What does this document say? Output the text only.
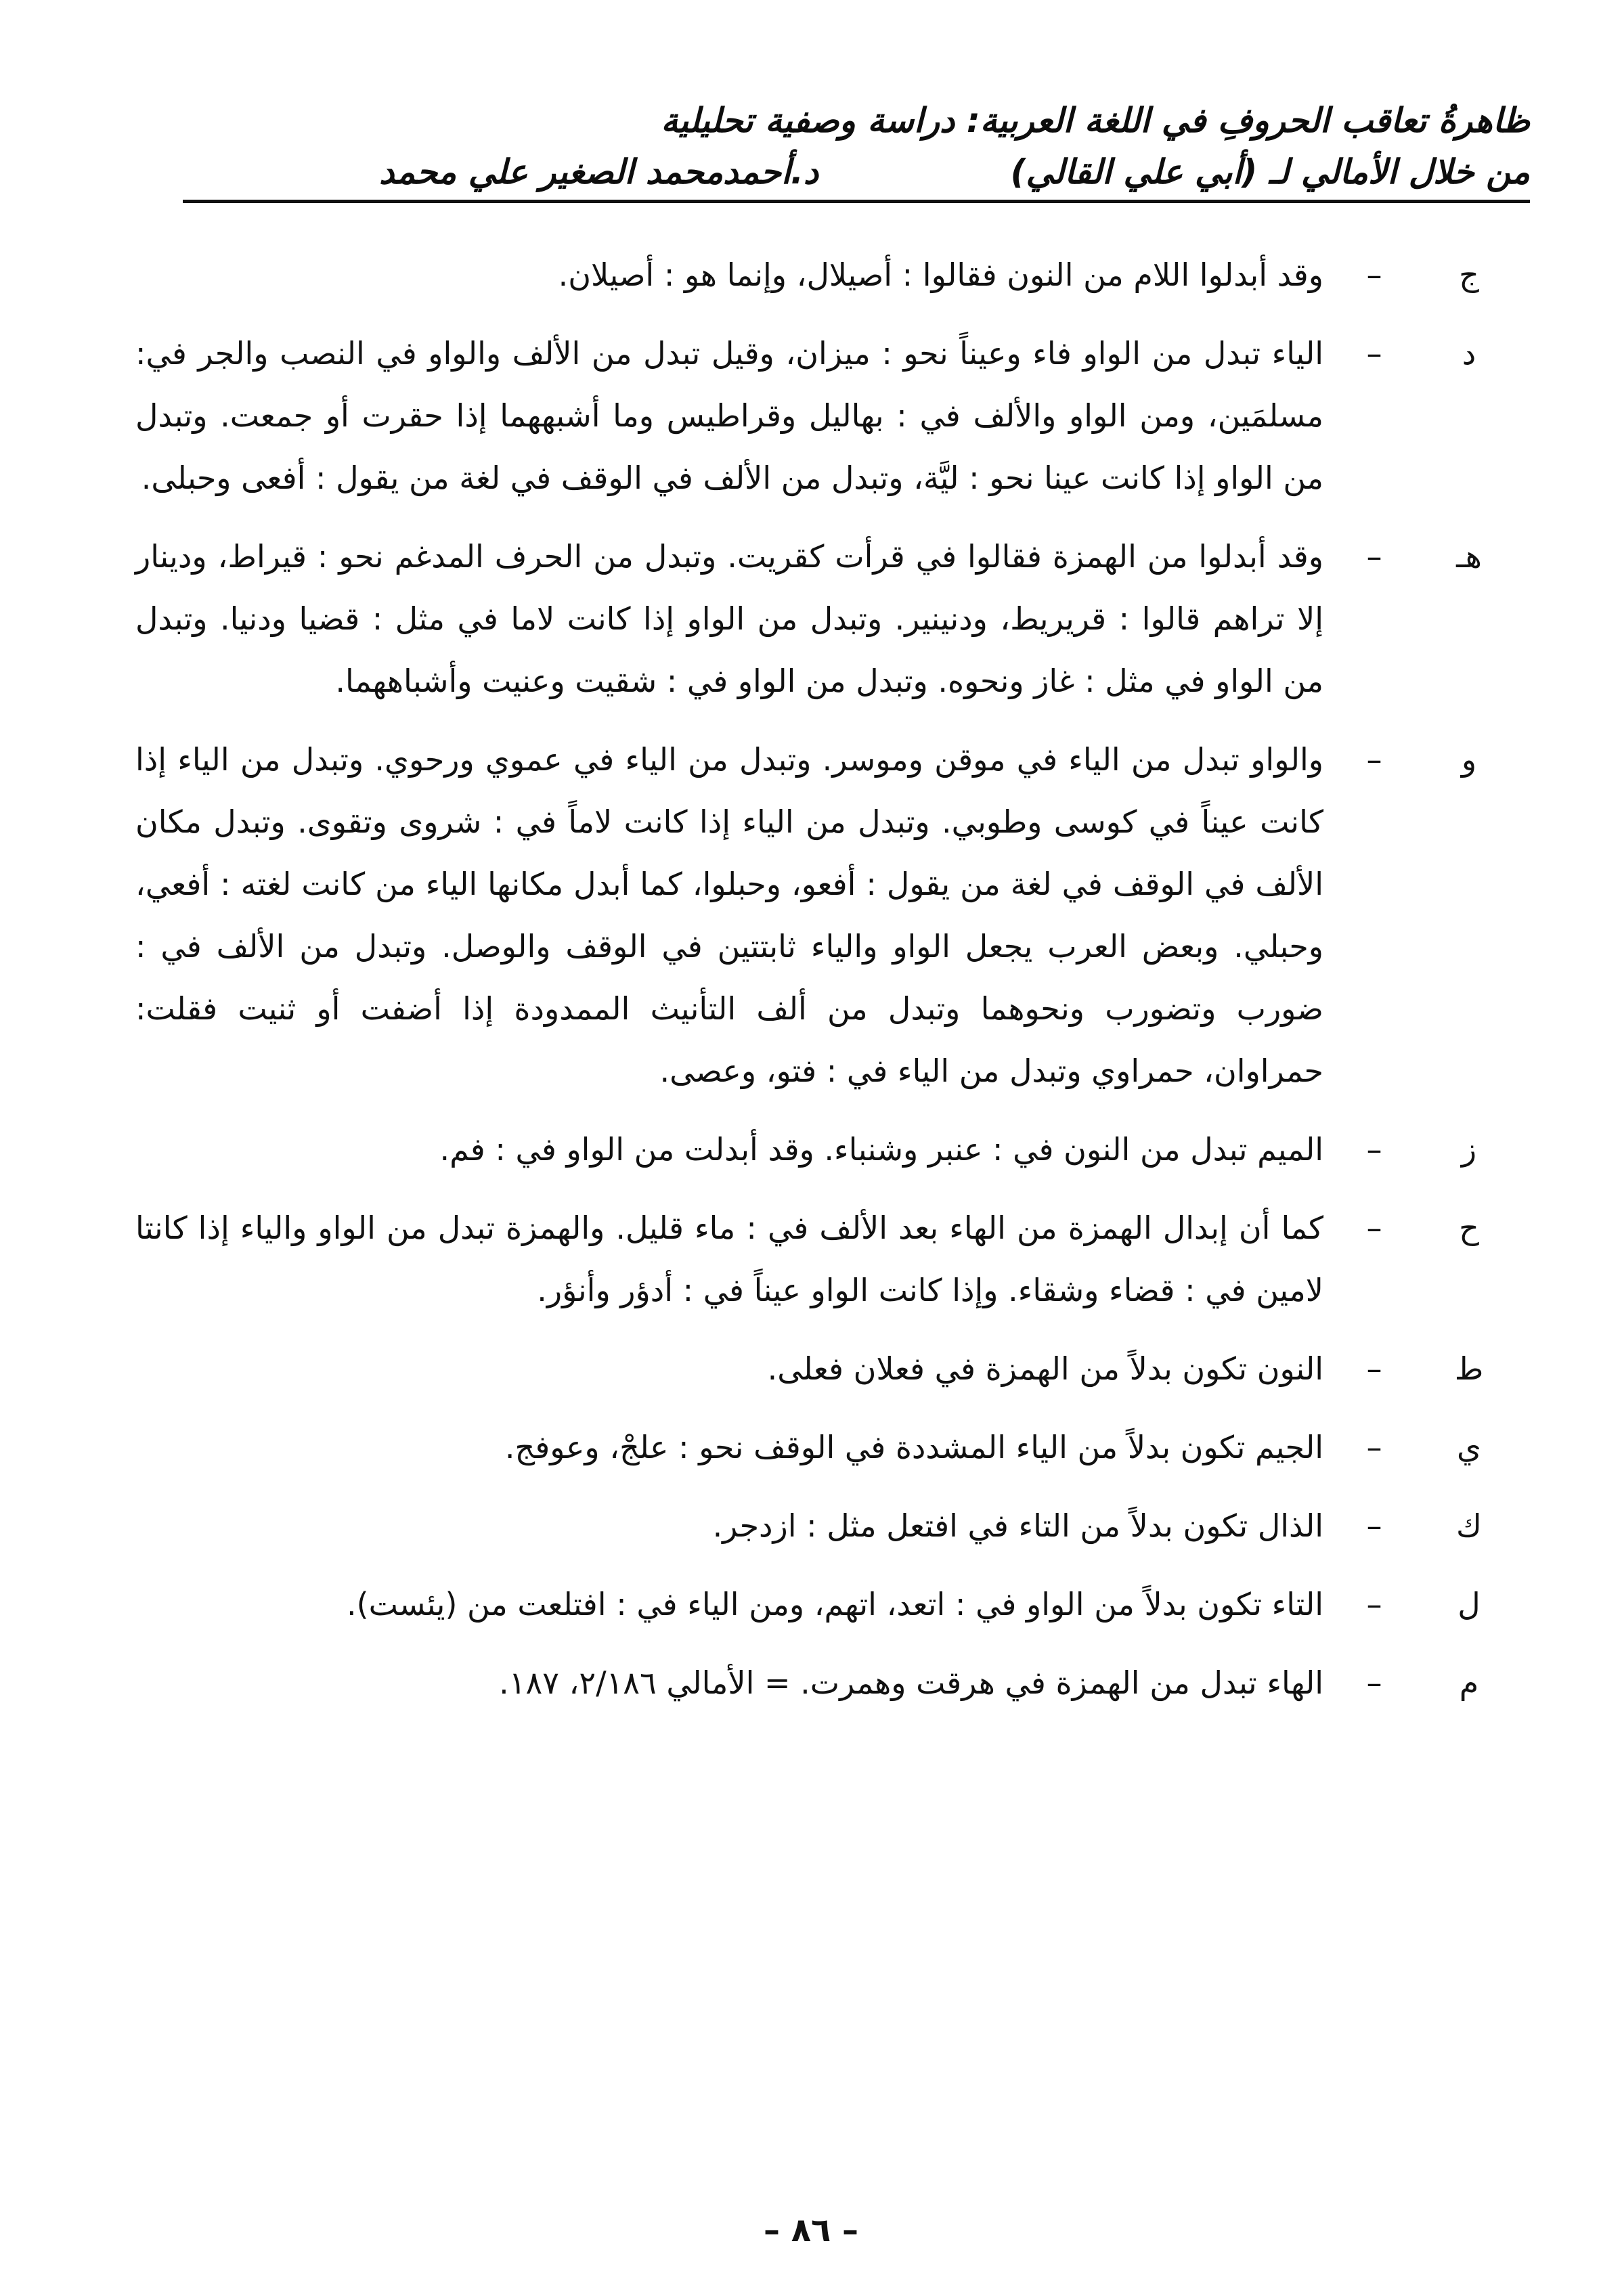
ظاهرةُ تعاقب الحروفِ في اللغة العربية: دراسة وصفية تحليلية
من خلال الأمالي لـ (أبي علي القالي)
د.أحمدمحمد الصغير علي محمد
ج
–
وقد أبدلوا اللام من النون فقالوا : أصيلال، وإنما هو : أصيلان.
د
–
الياء تبدل من الواو فاء وعيناً نحو : ميزان، وقيل تبدل من الألف والواو في النصب والجر في: مسلمَين، ومن الواو والألف في : بهاليل وقراطيس وما أشبههما إذا حقرت أو جمعت. وتبدل من الواو إذا كانت عينا نحو : ليَّة، وتبدل من الألف في الوقف في لغة من يقول : أفعى وحبلى.
هـ
–
وقد أبدلوا من الهمزة فقالوا في قرأت كقريت. وتبدل من الحرف المدغم نحو : قيراط، ودينار إلا تراهم قالوا : قريريط، ودنينير. وتبدل من الواو إذا كانت لاما في مثل : قضيا ودنيا. وتبدل من الواو في مثل : غاز ونحوه. وتبدل من الواو في : شقيت وعنيت وأشباههما.
و
–
والواو تبدل من الياء في موقن وموسر. وتبدل من الياء في عموي ورحوي. وتبدل من الياء إذا كانت عيناً في كوسى وطوبي. وتبدل من الياء إذا كانت لاماً في : شروى وتقوى. وتبدل مكان الألف في الوقف في لغة من يقول : أفعو، وحبلوا، كما أبدل مكانها الياء من كانت لغته : أفعي، وحبلي. وبعض العرب يجعل الواو والياء ثابتتين في الوقف والوصل. وتبدل من الألف في : ضورب وتضورب ونحوهما وتبدل من ألف التأنيث الممدودة إذا أضفت أو ثنيت فقلت: حمراوان، حمراوي وتبدل من الياء في : فتو، وعصى.
ز
–
الميم تبدل من النون في : عنبر وشنباء. وقد أبدلت من الواو في : فم.
ح
–
كما أن إبدال الهمزة من الهاء بعد الألف في : ماء قليل. والهمزة تبدل من الواو والياء إذا كانتا لامين في : قضاء وشقاء. وإذا كانت الواو عيناً في : أدؤر وأنؤر.
ط
–
النون تكون بدلاً من الهمزة في فعلان فعلى.
ي
–
الجيم تكون بدلاً من الياء المشددة في الوقف نحو : علجْ، وعوفج.
ك
–
الذال تكون بدلاً من التاء في افتعل مثل : ازدجر.
ل
–
التاء تكون بدلاً من الواو في : اتعد، اتهم، ومن الياء في : افتلعت من (يئست).
م
–
الهاء تبدل من الهمزة في هرقت وهمرت. = الأمالي ٢/١٨٦، ١٨٧.
– ٨٦ –
